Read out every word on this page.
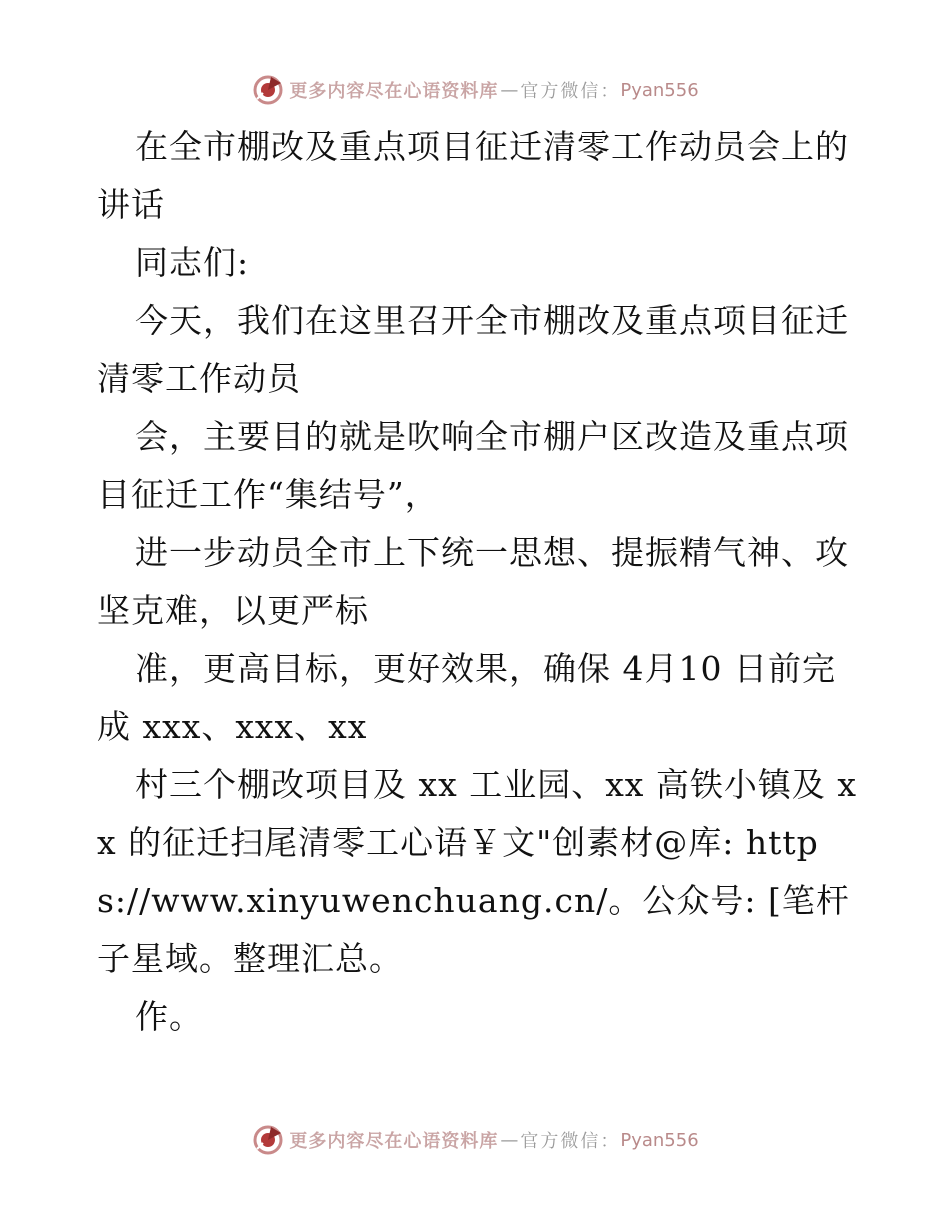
更多内容尽在心语资料库 — 官方微信： Pyan556

在全市棚改及重点项目征迁清零工作动员会上的讲话

同志们:

今天，我们在这里召开全市棚改及重点项目征迁清零工作动员

会，主要目的就是吹响全市棚户区改造及重点项目征迁工作“集结号”，

进一步动员全市上下统一思想、提振精气神、攻坚克难，以更严标

准，更高目标，更好效果，确保 4月10 日前完成 xxx、xxx、xx

村三个棚改项目及 xx 工业园、xx 高铁小镇及 xx 的征迁扫尾清零工心语￥文"创素材@库: https://www.xinyuwenchuang.cn/。公众号: [笔杆子星域。整理汇总。

作。

更多内容尽在心语资料库 — 官方微信： Pyan556
